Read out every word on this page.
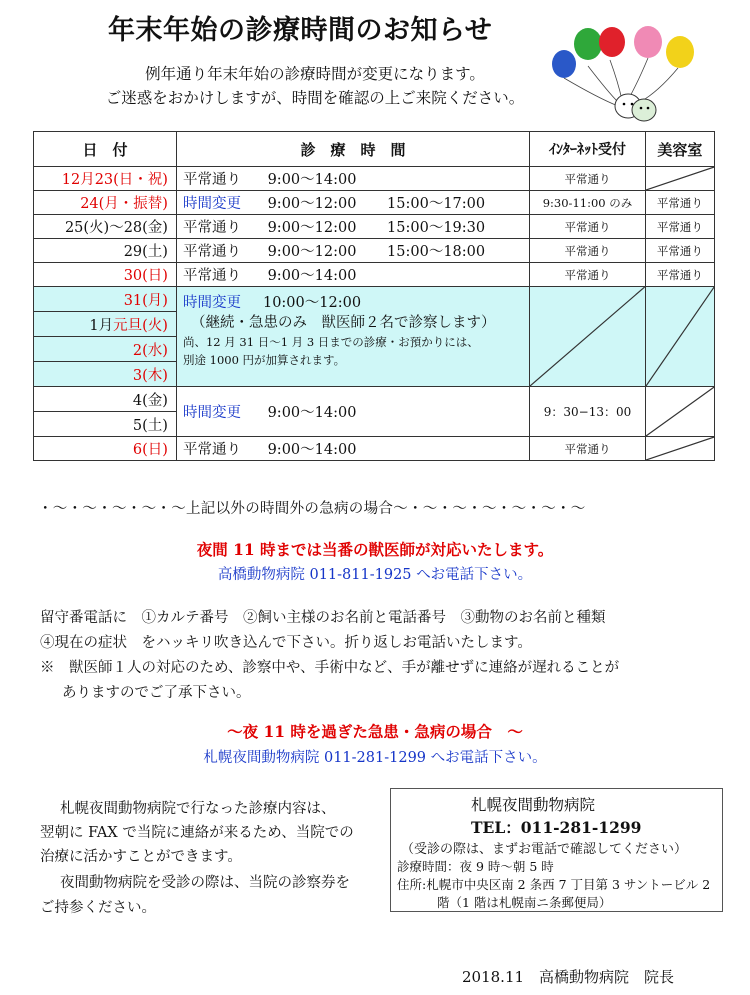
年末年始の診療時間のお知らせ
例年通り年末年始の診療時間が変更になります。
ご迷惑をおかけしますが、時間を確認の上ご来院ください。
日　付	診　療　時　間	ｲﾝﾀｰﾈｯﾄ受付	美容室
12月23(日・祝)	平常通り 9:00〜14:00	平常通り	

24(月・振替)	時間変更 9:00〜12:00 15:00〜17:00	9:30-11:00 のみ	平常通り
25(火)〜28(金)	平常通り 9:00〜12:00 15:00〜19:30	平常通り	平常通り
29(土)	平常通り 9:00〜12:00 15:00〜18:00	平常通り	平常通り
30(日)	平常通り 9:00〜14:00	平常通り	平常通り
31(月)	時間変更 10:00〜12:00
（継続・急患のみ　獣医師２名で診察します）
尚、12 月 31 日〜1 月 3 日までの診療・お預かりには、
別途 1000 円が加算されます。

1月元旦(火)			
2(水)			
3(木)			
4(金)	時間変更 9:00〜14:00	9：30−13：00	

5(土)			
6(日)	平常通り 9:00〜14:00	平常通り	
・〜・〜・〜・〜・〜上記以外の時間外の急病の場合〜・〜・〜・〜・〜・〜・〜
夜間 11 時までは当番の獣医師が対応いたします。
高橋動物病院 011-811-1925 へお電話下さい。
留守番電話に　①カルテ番号　②飼い主様のお名前と電話番号　③動物のお名前と種類
④現在の症状　をハッキリ吹き込んで下さい。折り返しお電話いたします。
※　獣医師１人の対応のため、診察中や、手術中など、手が離せずに連絡が遅れることが
ありますのでご了承下さい。
〜夜 11 時を過ぎた急患・急病の場合　〜
札幌夜間動物病院 011-281-1299 へお電話下さい。
札幌夜間動物病院で行なった診療内容は、
翌朝に FAX で当院に連絡が来るため、当院での
治療に活かすことができます。
夜間動物病院を受診の際は、当院の診察券を
ご持参ください。
札幌夜間動物病院
TEL：011-281-1299
（受診の際は、まずお電話で確認してください）
診療時間：夜 9 時〜朝 5 時
住所:札幌市中央区南 2 条西 7 丁目第 3 サントービル 2
階（1 階は札幌南ニ条郵便局）
2018.11　高橋動物病院　院長
